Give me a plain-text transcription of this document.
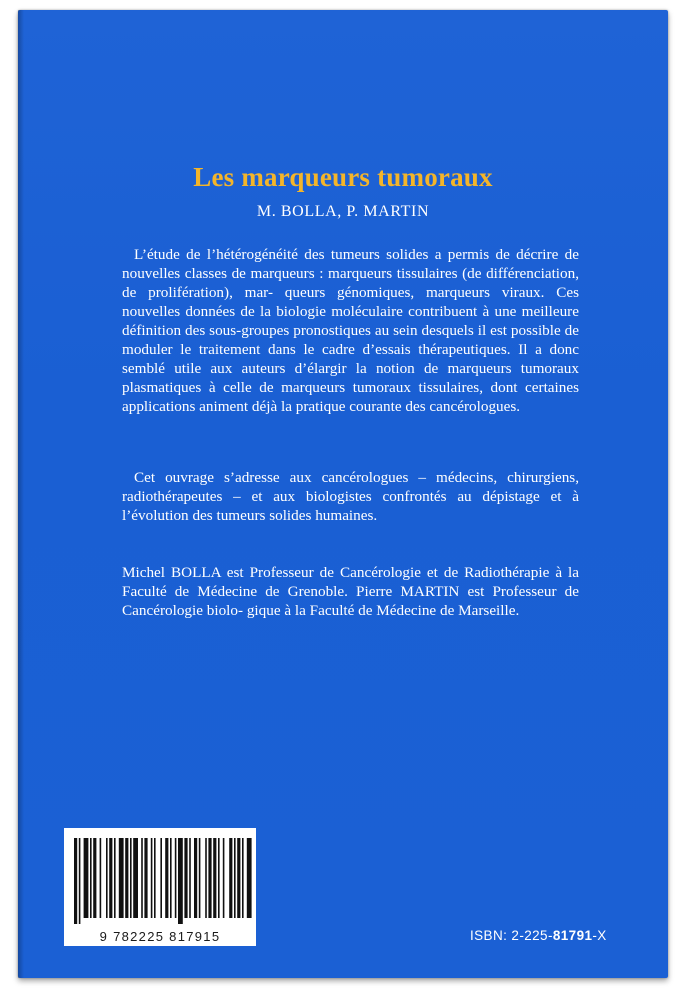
Les marqueurs tumoraux
M. BOLLA, P. MARTIN
L’étude de l’hétérogénéité des tumeurs solides a permis de décrire de nouvelles classes de marqueurs : marqueurs tissulaires (de différenciation, de prolifération), mar- queurs génomiques, marqueurs viraux. Ces nouvelles données de la biologie moléculaire contribuent à une meilleure définition des sous-groupes pronostiques au sein desquels il est possible de moduler le traitement dans le cadre d’essais thérapeutiques. Il a donc semblé utile aux auteurs d’élargir la notion de marqueurs tumoraux plasmatiques à celle de marqueurs tumoraux tissulaires, dont certaines applications animent déjà la pratique courante des cancérologues.
Cet ouvrage s’adresse aux cancérologues – médecins, chirurgiens, radiothérapeutes – et aux biologistes confrontés au dépistage et à l’évolution des tumeurs solides humaines.
Michel BOLLA est Professeur de Cancérologie et de Radiothérapie à la Faculté de Médecine de Grenoble. Pierre MARTIN est Professeur de Cancérologie biolo- gique à la Faculté de Médecine de Marseille.
9 782225 817915	ISBN: 2-225-81791-X
